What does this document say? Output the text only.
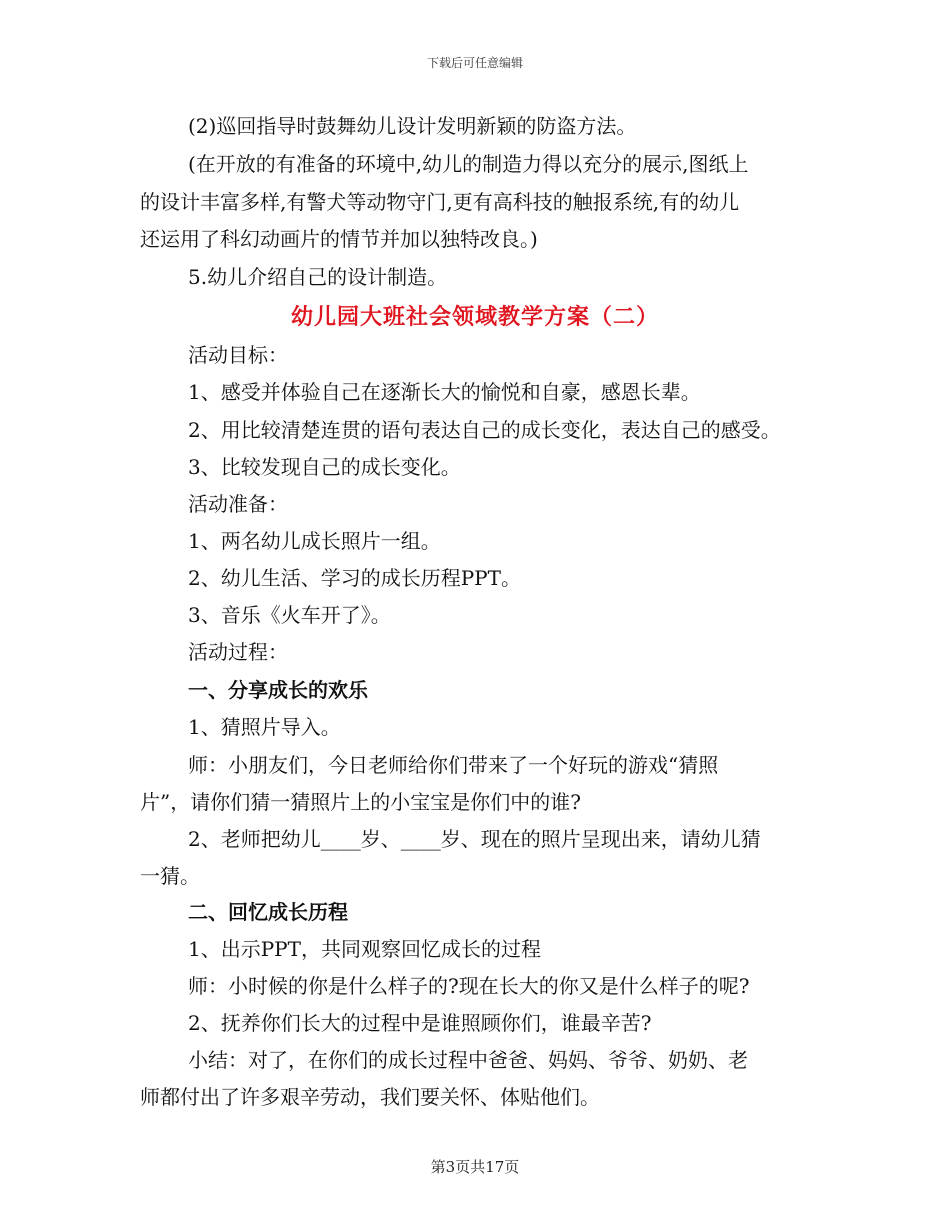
下载后可任意编辑
(2)巡回指导时鼓舞幼儿设计发明新颖的防盗方法。
(在开放的有准备的环境中,幼儿的制造力得以充分的展示,图纸上
的设计丰富多样,有警犬等动物守门,更有高科技的触报系统,有的幼儿
还运用了科幻动画片的情节并加以独特改良。)
5.幼儿介绍自己的设计制造。
幼儿园大班社会领域教学方案（二）
活动目标：
1、感受并体验自己在逐渐长大的愉悦和自豪，感恩长辈。
2、用比较清楚连贯的语句表达自己的成长变化，表达自己的感受。
3、比较发现自己的成长变化。
活动准备：
1、两名幼儿成长照片一组。
2、幼儿生活、学习的成长历程PPT。
3、音乐《火车开了》。
活动过程：
一、分享成长的欢乐
1、猜照片导入。
师：小朋友们，今日老师给你们带来了一个好玩的游戏“猜照
片”，请你们猜一猜照片上的小宝宝是你们中的谁?
2、老师把幼儿____岁、____岁、现在的照片呈现出来，请幼儿猜
一猜。
二、回忆成长历程
1、出示PPT，共同观察回忆成长的过程
师：小时候的你是什么样子的?现在长大的你又是什么样子的呢?
2、抚养你们长大的过程中是谁照顾你们，谁最辛苦?
小结：对了，在你们的成长过程中爸爸、妈妈、爷爷、奶奶、老
师都付出了许多艰辛劳动，我们要关怀、体贴他们。
第3页共17页
